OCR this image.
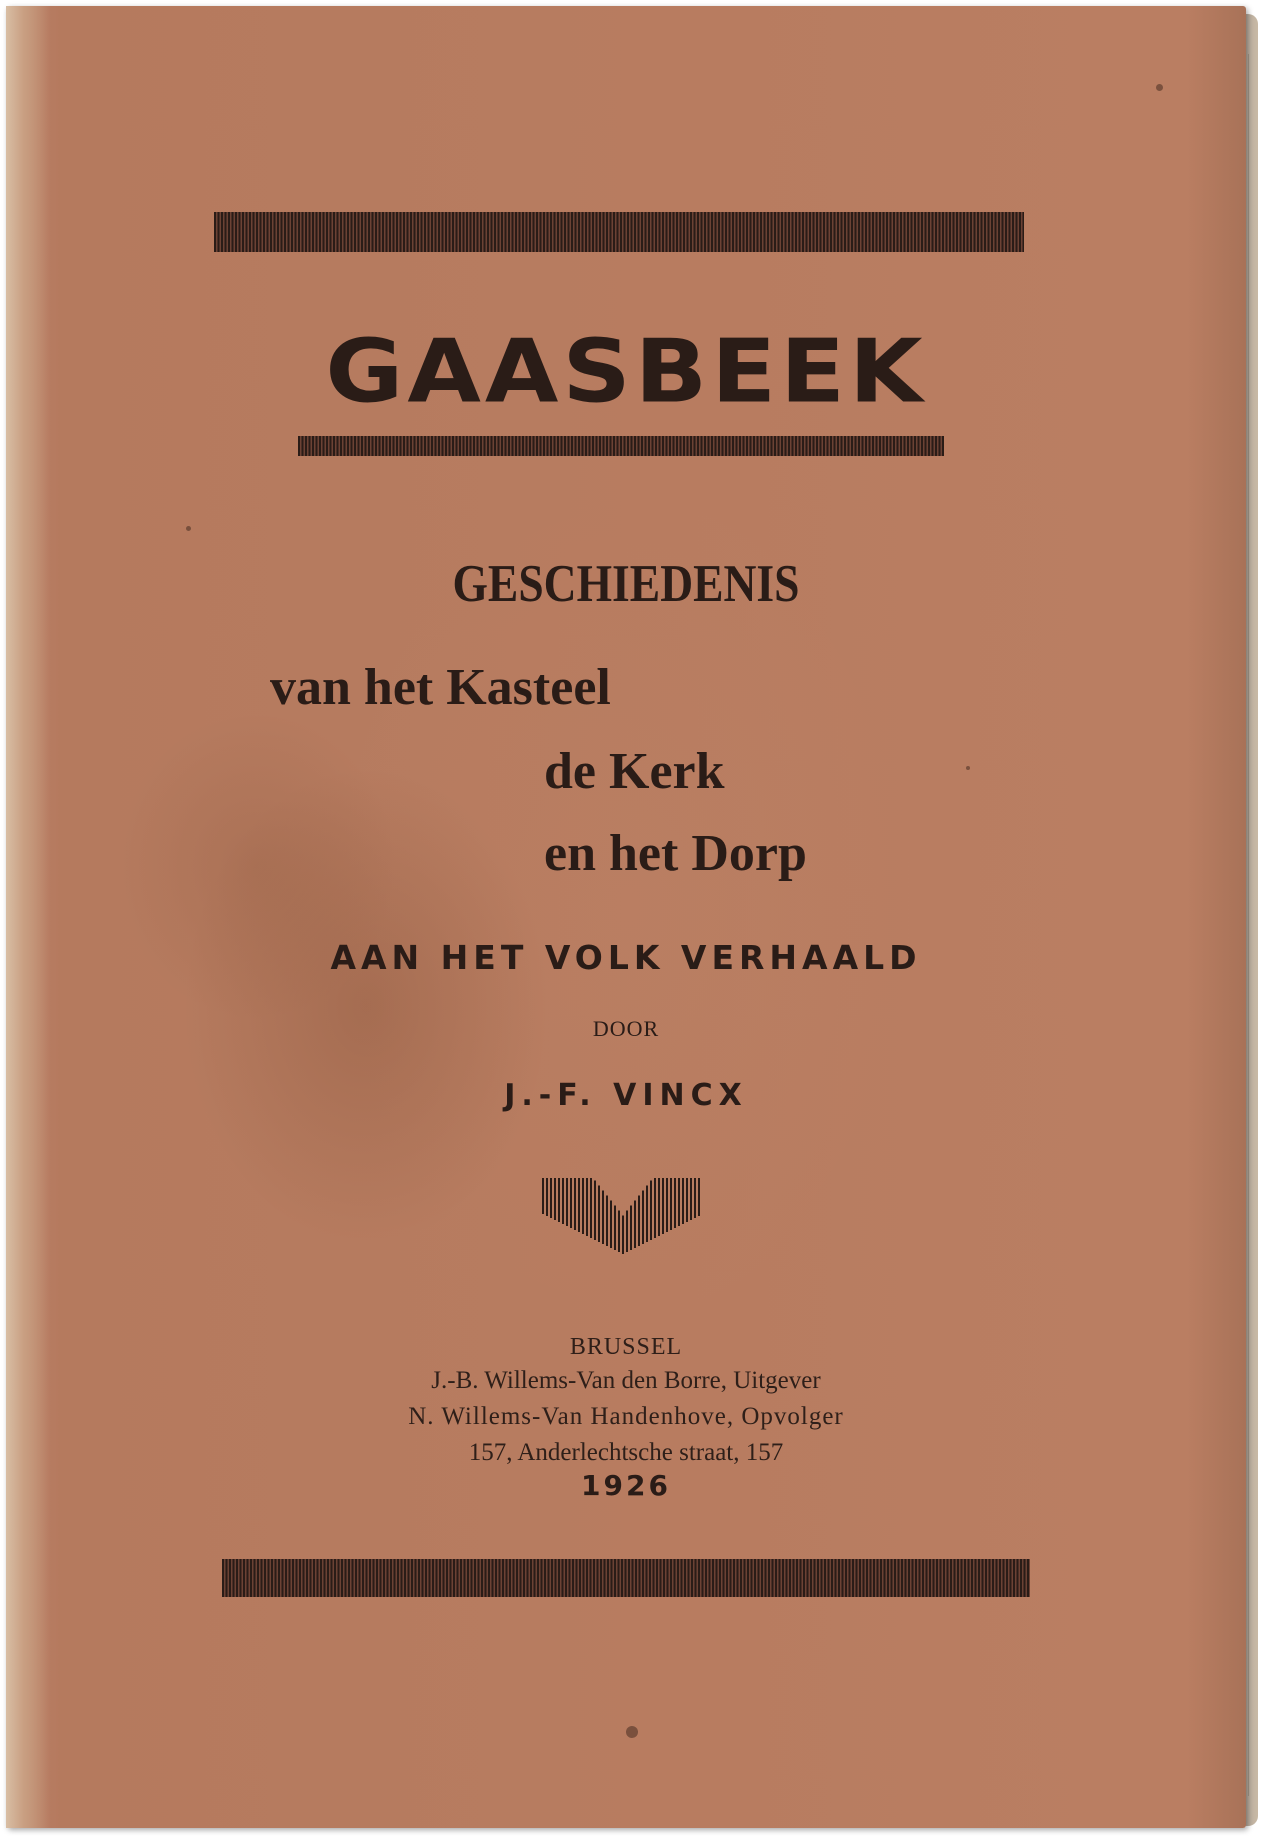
GAASBEEK

GESCHIEDENIS

van het Kasteel

de Kerk

en het Dorp

AAN HET VOLK VERHAALD

DOOR

J.-F. VINCX

BRUSSEL

J.-B. Willems-Van den Borre, Uitgever

N. Willems-Van Handenhove, Opvolger

157, Anderlechtsche straat, 157

1926
